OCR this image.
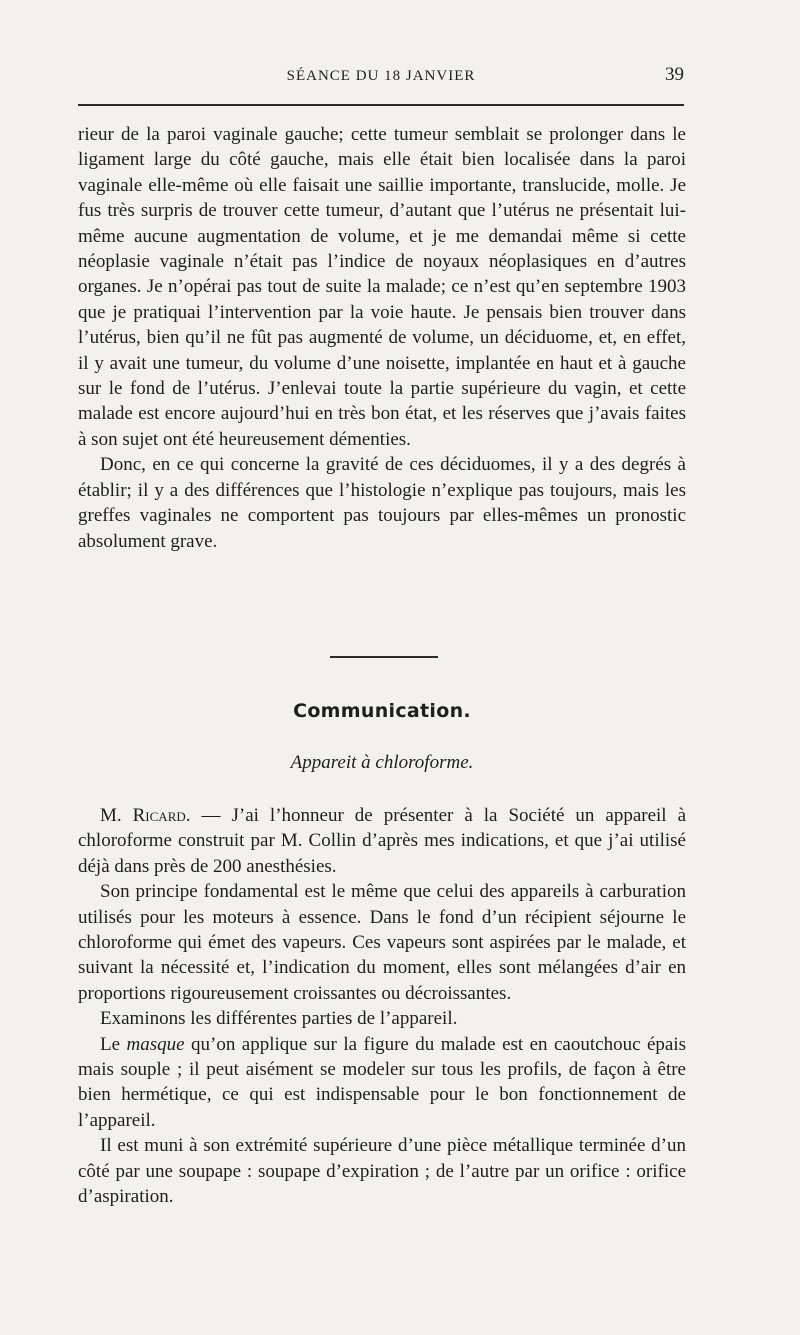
SÉANCE DU 18 JANVIER	39

rieur de la paroi vaginale gauche; cette tumeur semblait se prolonger dans le ligament large du côté gauche, mais elle était bien localisée dans la paroi vaginale elle-même où elle faisait une saillie importante, translucide, molle. Je fus très surpris de trouver cette tumeur, d’autant que l’utérus ne présentait lui-même aucune augmentation de volume, et je me demandai même si cette néoplasie vaginale n’était pas l’indice de noyaux néoplasiques en d’autres organes. Je n’opérai pas tout de suite la malade; ce n’est qu’en septembre 1903 que je pratiquai l’intervention par la voie haute. Je pensais bien trouver dans l’utérus, bien qu’il ne fût pas augmenté de volume, un déciduome, et, en effet, il y avait une tumeur, du volume d’une noisette, implantée en haut et à gauche sur le fond de l’utérus. J’enlevai toute la partie supérieure du vagin, et cette malade est encore aujourd’hui en très bon état, et les réserves que j’avais faites à son sujet ont été heureusement démenties.

Donc, en ce qui concerne la gravité de ces déciduomes, il y a des degrés à établir; il y a des différences que l’histologie n’explique pas toujours, mais les greffes vaginales ne comportent pas toujours par elles-mêmes un pronostic absolument grave.

Communication.
Appareit à chloroforme.

M. Ricard. — J’ai l’honneur de présenter à la Société un appareil à chloroforme construit par M. Collin d’après mes indications, et que j’ai utilisé déjà dans près de 200 anesthésies.

Son principe fondamental est le même que celui des appareils à carburation utilisés pour les moteurs à essence. Dans le fond d’un récipient séjourne le chloroforme qui émet des vapeurs. Ces vapeurs sont aspirées par le malade, et suivant la nécessité et, l’indication du moment, elles sont mélangées d’air en proportions rigoureusement croissantes ou décroissantes.

Examinons les différentes parties de l’appareil.

Le masque qu’on applique sur la figure du malade est en caoutchouc épais mais souple ; il peut aisément se modeler sur tous les profils, de façon à être bien hermétique, ce qui est indispensable pour le bon fonctionnement de l’appareil.

Il est muni à son extrémité supérieure d’une pièce métallique terminée d’un côté par une soupape : soupape d’expiration ; de l’autre par un orifice : orifice d’aspiration.
